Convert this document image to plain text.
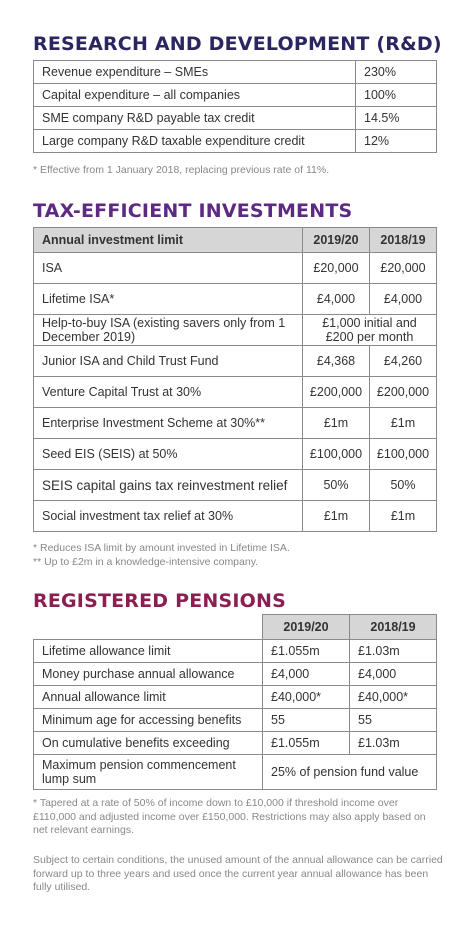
RESEARCH AND DEVELOPMENT (R&D)
Revenue expenditure – SMEs	230%
Capital expenditure – all companies	100%
SME company R&D payable tax credit	14.5%
Large company R&D taxable expenditure credit	12%
* Effective from 1 January 2018, replacing previous rate of 11%.
TAX-EFFICIENT INVESTMENTS
Annual investment limit	2019/20	2018/19
ISA	£20,000	£20,000
Lifetime ISA*	£4,000	£4,000
Help-to-buy ISA (existing savers only from 1 December 2019)	£1,000 initial and £200 per month	
Junior ISA and Child Trust Fund	£4,368	£4,260
Venture Capital Trust at 30%	£200,000	£200,000
Enterprise Investment Scheme at 30%**	£1m	£1m
Seed EIS (SEIS) at 50%	£100,000	£100,000
SEIS capital gains tax reinvestment relief	50%	50%
Social investment tax relief at 30%	£1m	£1m
* Reduces ISA limit by amount invested in Lifetime ISA.
** Up to £2m in a knowledge-intensive company.
REGISTERED PENSIONS
	2019/20	2018/19
Lifetime allowance limit	£1.055m	£1.03m
Money purchase annual allowance	£4,000	£4,000
Annual allowance limit	£40,000*	£40,000*
Minimum age for accessing benefits	55	55
On cumulative benefits exceeding	£1.055m	£1.03m
Maximum pension commencement lump sum	25% of pension fund value	
* Tapered at a rate of 50% of income down to £10,000 if threshold income over £110,000 and adjusted income over £150,000. Restrictions may also apply based on net relevant earnings.
Subject to certain conditions, the unused amount of the annual allowance can be carried forward up to three years and used once the current year annual allowance has been fully utilised.
